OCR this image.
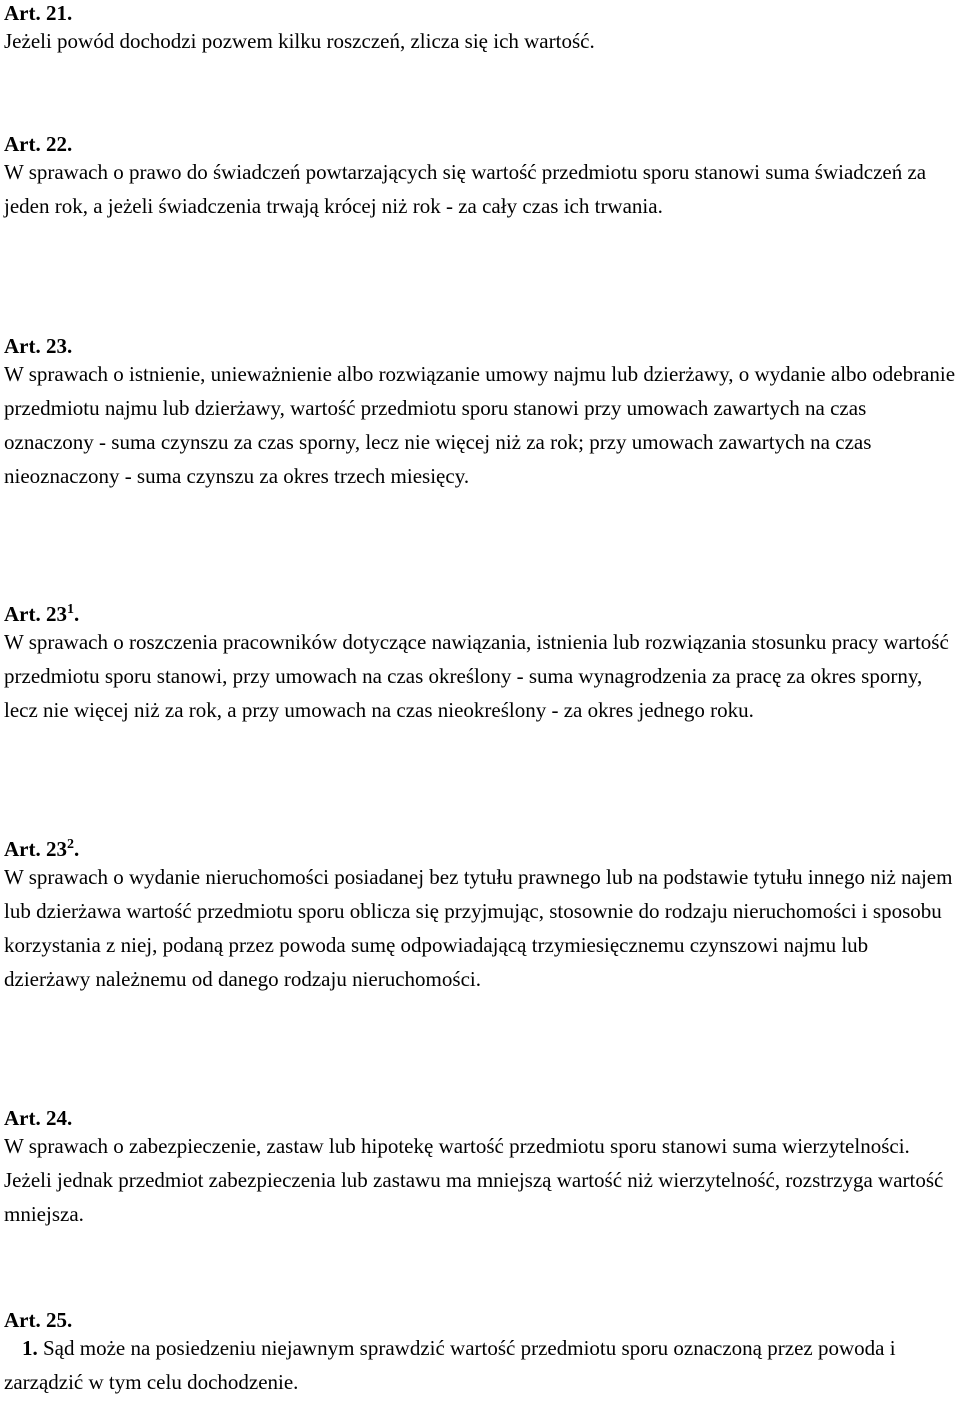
Art. 21.

Jeżeli powód dochodzi pozwem kilku roszczeń, zlicza się ich wartość.

Art. 22.

W sprawach o prawo do świadczeń powtarzających się wartość przedmiotu sporu stanowi suma świadczeń za jeden rok, a jeżeli świadczenia trwają krócej niż rok - za cały czas ich trwania.

Art. 23.

W sprawach o istnienie, unieważnienie albo rozwiązanie umowy najmu lub dzierżawy, o wydanie albo odebranie przedmiotu najmu lub dzierżawy, wartość przedmiotu sporu stanowi przy umowach zawartych na czas oznaczony - suma czynszu za czas sporny, lecz nie więcej niż za rok; przy umowach zawartych na czas nieoznaczony - suma czynszu za okres trzech miesięcy.

Art. $23^1$.

W sprawach o roszczenia pracowników dotyczące nawiązania, istnienia lub rozwiązania stosunku pracy wartość przedmiotu sporu stanowi, przy umowach na czas określony - suma wynagrodzenia za pracę za okres sporny, lecz nie więcej niż za rok, a przy umowach na czas nieokreślony - za okres jednego roku.

Art. $23^2$.

W sprawach o wydanie nieruchomości posiadanej bez tytułu prawnego lub na podstawie tytułu innego niż najem lub dzierżawa wartość przedmiotu sporu oblicza się przyjmując, stosownie do rodzaju nieruchomości i sposobu korzystania z niej, podaną przez powoda sumę odpowiadającą trzymiesięcznemu czynszowi najmu lub dzierżawy należnemu od danego rodzaju nieruchomości.

Art. 24.

W sprawach o zabezpieczenie, zastaw lub hipotekę wartość przedmiotu sporu stanowi suma wierzytelności. Jeżeli jednak przedmiot zabezpieczenia lub zastawu ma mniejszą wartość niż wierzytelność, rozstrzyga wartość mniejsza.

Art. 25.

1. Sąd może na posiedzeniu niejawnym sprawdzić wartość przedmiotu sporu oznaczoną przez powoda i zarządzić w tym celu dochodzenie.
